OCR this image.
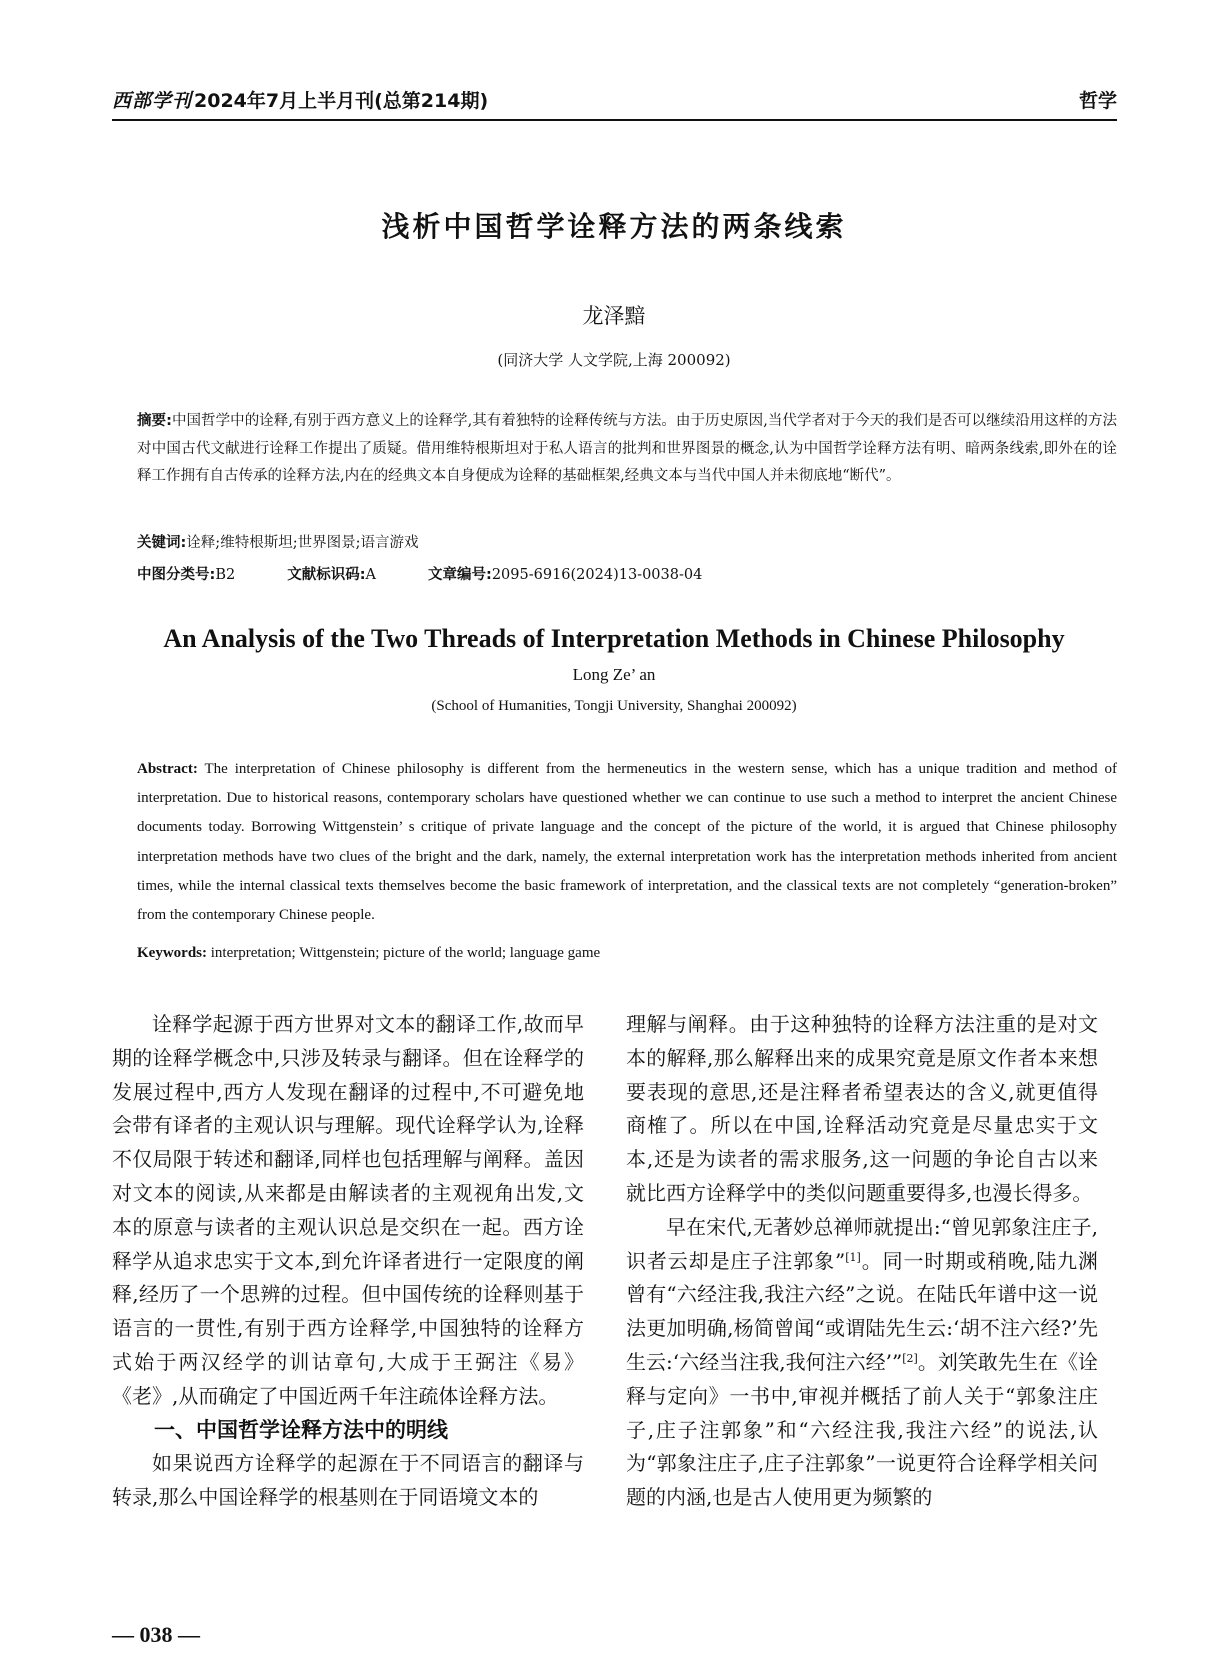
西部学刊 2024年7月上半月刊(总第214期)	哲学
浅析中国哲学诠释方法的两条线索
龙泽黯
(同济大学 人文学院,上海 200092)
摘要:中国哲学中的诠释,有别于西方意义上的诠释学,其有着独特的诠释传统与方法。由于历史原因,当代学者对于今天的我们是否可以继续沿用这样的方法对中国古代文献进行诠释工作提出了质疑。借用维特根斯坦对于私人语言的批判和世界图景的概念,认为中国哲学诠释方法有明、暗两条线索,即外在的诠释工作拥有自古传承的诠释方法,内在的经典文本自身便成为诠释的基础框架,经典文本与当代中国人并未彻底地“断代”。
关键词:诠释;维特根斯坦;世界图景;语言游戏
中图分类号:B2	文献标识码:A	文章编号:2095-6916(2024)13-0038-04
An Analysis of the Two Threads of Interpretation Methods in Chinese Philosophy
Long Ze’ an
(School of Humanities, Tongji University, Shanghai 200092)
Abstract: The interpretation of Chinese philosophy is different from the hermeneutics in the western sense, which has a unique tradition and method of interpretation. Due to historical reasons, contemporary scholars have questioned whether we can continue to use such a method to interpret the ancient Chinese documents today. Borrowing Wittgenstein’ s critique of private language and the concept of the picture of the world, it is argued that Chinese philosophy interpretation methods have two clues of the bright and the dark, namely, the external interpretation work has the interpretation methods inherited from ancient times, while the internal classical texts themselves become the basic framework of interpretation, and the classical texts are not completely “generation-broken” from the contemporary Chinese people.
Keywords: interpretation; Wittgenstein; picture of the world; language game

诠释学起源于西方世界对文本的翻译工作,故而早期的诠释学概念中,只涉及转录与翻译。但在诠释学的发展过程中,西方人发现在翻译的过程中,不可避免地会带有译者的主观认识与理解。现代诠释学认为,诠释不仅局限于转述和翻译,同样也包括理解与阐释。盖因对文本的阅读,从来都是由解读者的主观视角出发,文本的原意与读者的主观认识总是交织在一起。西方诠释学从追求忠实于文本,到允许译者进行一定限度的阐释,经历了一个思辨的过程。但中国传统的诠释则基于语言的一贯性,有别于西方诠释学,中国独特的诠释方式始于两汉经学的训诂章句,大成于王弼注《易》《老》,从而确定了中国近两千年注疏体诠释方法。

一、中国哲学诠释方法中的明线

如果说西方诠释学的起源在于不同语言的翻译与转录,那么中国诠释学的根基则在于同语境文本的

理解与阐释。由于这种独特的诠释方法注重的是对文本的解释,那么解释出来的成果究竟是原文作者本来想要表现的意思,还是注释者希望表达的含义,就更值得商榷了。所以在中国,诠释活动究竟是尽量忠实于文本,还是为读者的需求服务,这一问题的争论自古以来就比西方诠释学中的类似问题重要得多,也漫长得多。

早在宋代,无著妙总禅师就提出:“曾见郭象注庄子,识者云却是庄子注郭象”[1]。同一时期或稍晚,陆九渊曾有“六经注我,我注六经”之说。在陆氏年谱中这一说法更加明确,杨简曾闻“或谓陆先生云:‘胡不注六经?’先生云:‘六经当注我,我何注六经’”[2]。刘笑敢先生在《诠释与定向》一书中,审视并概括了前人关于“郭象注庄子,庄子注郭象”和“六经注我,我注六经”的说法,认为“郭象注庄子,庄子注郭象”一说更符合诠释学相关问题的内涵,也是古人使用更为频繁的

— 038 —
